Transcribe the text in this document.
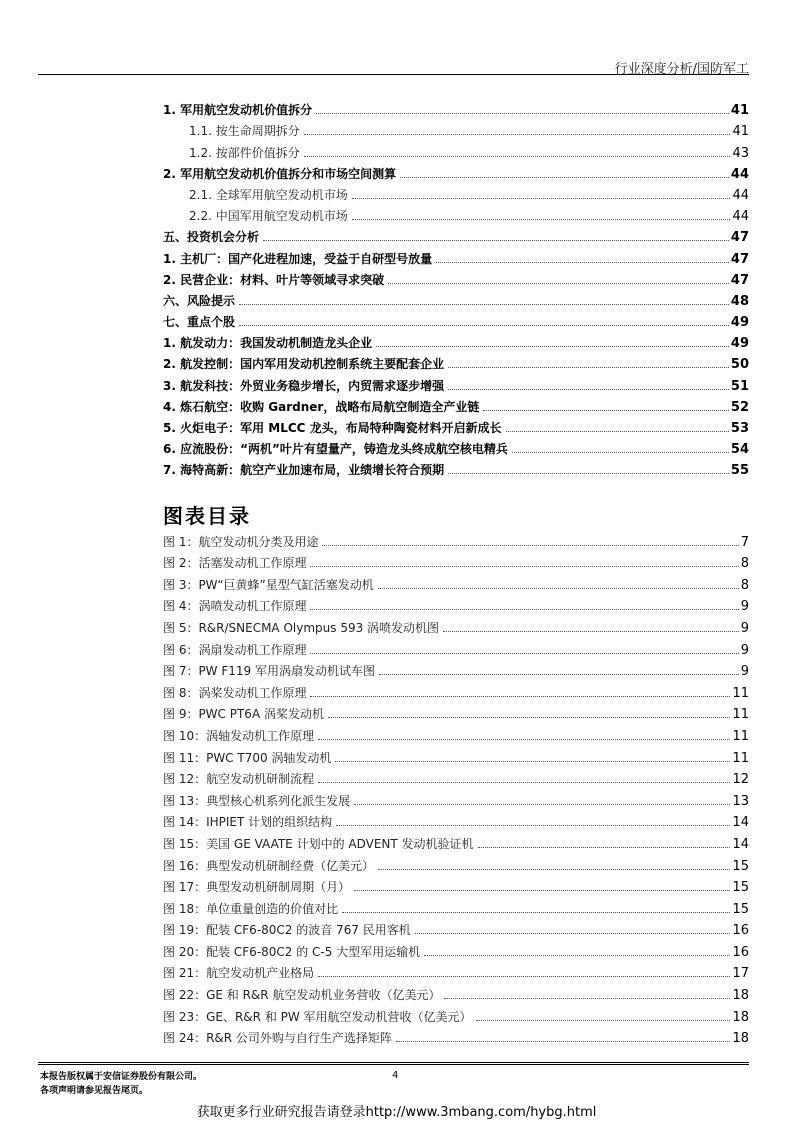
行业深度分析/国防军工
1. 军用航空发动机价值拆分	41
1.1. 按生命周期拆分	41
1.2. 按部件价值拆分	43
2. 军用航空发动机价值拆分和市场空间测算	44
2.1. 全球军用航空发动机市场	44
2.2. 中国军用航空发动机市场	44
五、投资机会分析	47
1. 主机厂：国产化进程加速，受益于自研型号放量	47
2. 民营企业：材料、叶片等领域寻求突破	47
六、风险提示	48
七、重点个股	49
1. 航发动力：我国发动机制造龙头企业	49
2. 航发控制：国内军用发动机控制系统主要配套企业	50
3. 航发科技：外贸业务稳步增长，内贸需求逐步增强	51
4. 炼石航空：收购 Gardner，战略布局航空制造全产业链	52
5. 火炬电子：军用 MLCC 龙头，布局特种陶瓷材料开启新成长	53
6. 应流股份：“两机”叶片有望量产，铸造龙头终成航空核电精兵	54
7. 海特高新：航空产业加速布局，业绩增长符合预期	55
图表目录
图 1：航空发动机分类及用途	7
图 2：活塞发动机工作原理	8
图 3：PW“巨黄蜂”星型气缸活塞发动机	8
图 4：涡喷发动机工作原理	9
图 5：R&R/SNECMA Olympus 593 涡喷发动机图	9
图 6：涡扇发动机工作原理	9
图 7：PW F119 军用涡扇发动机试车图	9
图 8：涡桨发动机工作原理	11
图 9：PWC PT6A 涡桨发动机	11
图 10：涡轴发动机工作原理	11
图 11：PWC T700 涡轴发动机	11
图 12：航空发动机研制流程	12
图 13：典型核心机系列化派生发展	13
图 14：IHPIET 计划的组织结构	14
图 15：美国 GE VAATE 计划中的 ADVENT 发动机验证机	14
图 16：典型发动机研制经费（亿美元）	15
图 17：典型发动机研制周期（月）	15
图 18：单位重量创造的价值对比	15
图 19：配装 CF6-80C2 的波音 767 民用客机	16
图 20：配装 CF6-80C2 的 C-5 大型军用运输机	16
图 21：航空发动机产业格局	17
图 22：GE 和 R&R 航空发动机业务营收（亿美元）	18
图 23：GE、R&R 和 PW 军用航空发动机营收（亿美元）	18
图 24：R&R 公司外购与自行生产选择矩阵	18
本报告版权属于安信证券股份有限公司。
各项声明请参见报告尾页。
4
获取更多行业研究报告请登录http://www.3mbang.com/hybg.html
